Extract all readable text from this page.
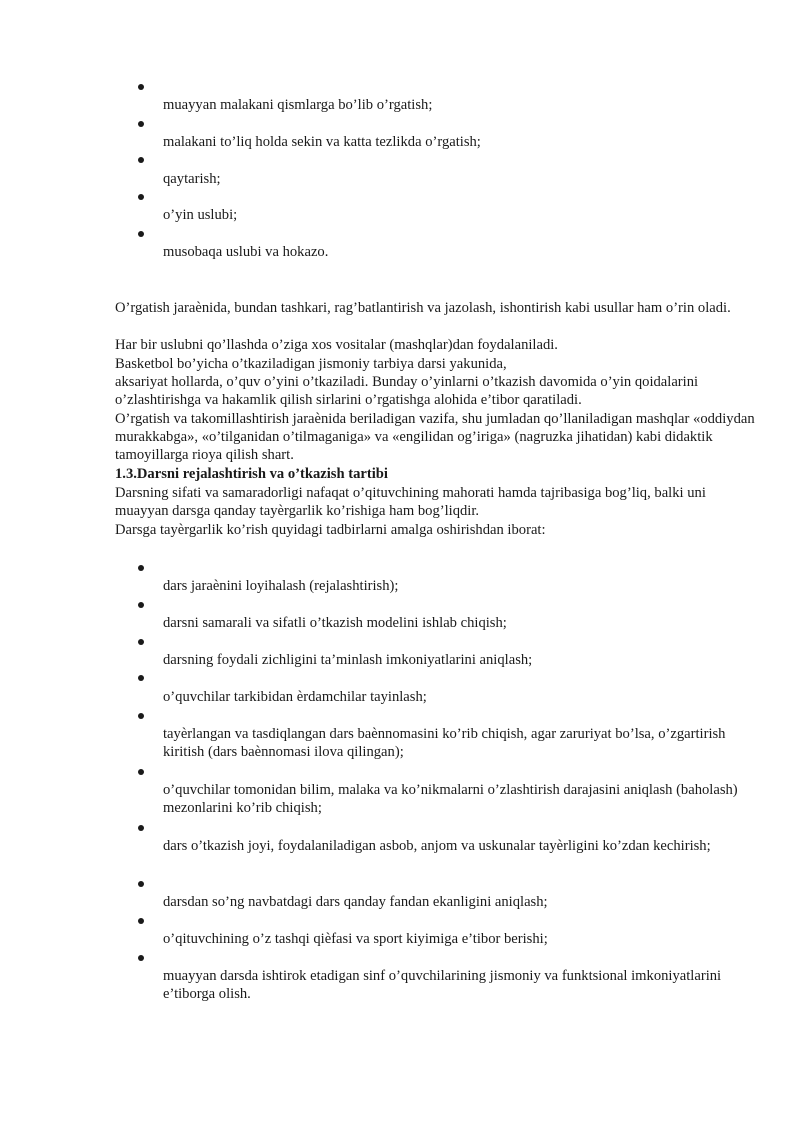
muayyan malakani qismlarga bo’lib o’rgatish;
malakani to’liq holda sekin va katta tezlikda o’rgatish;
qaytarish;
o’yin uslubi;
musobaqa uslubi va hokazo.
O’rgatish jaraènida, bundan tashkari, rag’batlantirish va jazolash, ishontirish kabi usullar ham o’rin oladi.
Har bir uslubni qo’llashda o’ziga xos vositalar (mashqlar)dan foydalaniladi.
Basketbol bo’yicha o’tkaziladigan jismoniy tarbiya darsi yakunida,
aksariyat hollarda, o’quv o’yini o’tkaziladi. Bunday o’yinlarni o’tkazish davomida o’yin qoidalarini o’zlashtirishga va hakamlik qilish sirlarini o’rgatishga alohida e’tibor qaratiladi.
O’rgatish va takomillashtirish jaraènida beriladigan vazifa, shu jumladan qo’llaniladigan mashqlar «oddiydan murakkabga», «o’tilganidan o’tilmaganiga» va «engilidan og’iriga» (nagruzka jihatidan) kabi didaktik tamoyillarga rioya qilish shart.
1.3.Darsni rejalashtirish va o’tkazish tartibi
Darsning sifati va samaradorligi nafaqat o’qituvchining mahorati hamda tajribasiga bog’liq, balki uni muayyan darsga qanday tayèrgarlik ko’rishiga ham bog’liqdir.
Darsga tayèrgarlik ko’rish quyidagi tadbirlarni amalga oshirishdan iborat:
dars jaraènini loyihalash (rejalashtirish);
darsni samarali va sifatli o’tkazish modelini ishlab chiqish;
darsning foydali zichligini ta’minlash imkoniyatlarini aniqlash;
o’quvchilar tarkibidan èrdamchilar tayinlash;
tayèrlangan va tasdiqlangan dars baènnomasini ko’rib chiqish, agar zaruriyat bo’lsa, o’zgartirish kiritish (dars baènnomasi ilova qilingan);
o’quvchilar tomonidan bilim, malaka va ko’nikmalarni o’zlashtirish darajasini aniqlash (baholash) mezonlarini ko’rib chiqish;
dars o’tkazish joyi, foydalaniladigan asbob, anjom va uskunalar tayèrligini ko’zdan kechirish;
darsdan so’ng navbatdagi dars qanday fandan ekanligini aniqlash;
o’qituvchining o’z tashqi qièfasi va sport kiyimiga e’tibor berishi;
muayyan darsda ishtirok etadigan sinf o’quvchilarining jismoniy va funktsional imkoniyatlarini e’tiborga olish.
